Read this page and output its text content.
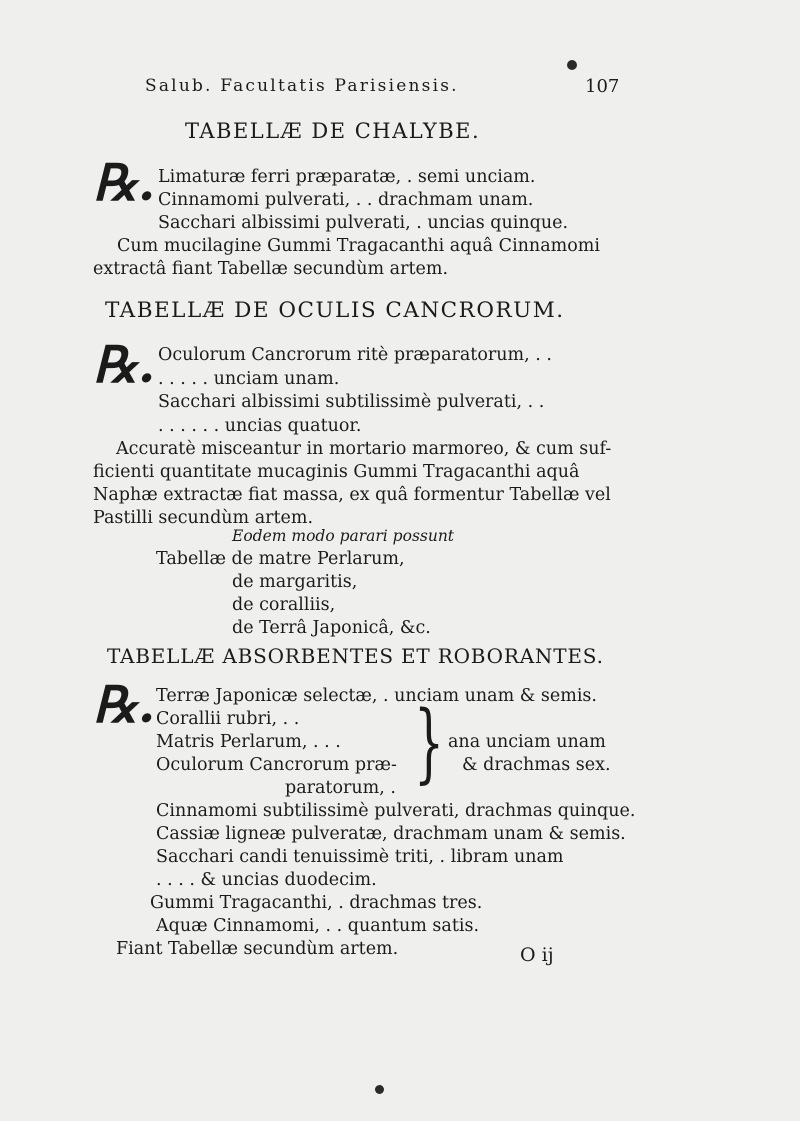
Salub. Facultatis Parisiensis.	107
TABELLÆ DE CHALYBE.
℞. Limaturæ ferri præparatæ, . semi unciam.
Cinnamomi pulverati, . . drachmam unam.
Sacchari albissimi pulverati, . uncias quinque.
Cum mucilagine Gummi Tragacanthi aquâ Cinnamomi
extractâ fiant Tabellæ secundùm artem.
TABELLÆ DE OCULIS CANCRORUM.
℞. Oculorum Cancrorum ritè præparatorum, . .
. . . . . unciam unam.
Sacchari albissimi subtilissimè pulverati, . .
. . . . . . uncias quatuor.
Accuratè misceantur in mortario marmoreo, & cum suf-
ficienti quantitate mucaginis Gummi Tragacanthi aquâ
Naphæ extractæ fiat massa, ex quâ formentur Tabellæ vel
Pastilli secundùm artem.
Eodem modo parari possunt
Tabellæ de matre Perlarum,
de margaritis,
de coralliis,
de Terrâ Japonicâ, &c.
TABELLÆ ABSORBENTES ET ROBORANTES.
℞. Terræ Japonicæ selectæ, . unciam unam & semis.
Corallii rubri, . .
Matris Perlarum, . . .
Oculorum Cancrorum præ-
paratorum, . } ana unciam unam
& drachmas sex.
Cinnamomi subtilissimè pulverati, drachmas quinque.
Cassiæ ligneæ pulveratæ, drachmam unam & semis.
Sacchari candi tenuissimè triti, . libram unam
. . . . & uncias duodecim.
Gummi Tragacanthi, . drachmas tres.
Aquæ Cinnamomi, . . quantum satis.
Fiant Tabellæ secundùm artem.	O ij
